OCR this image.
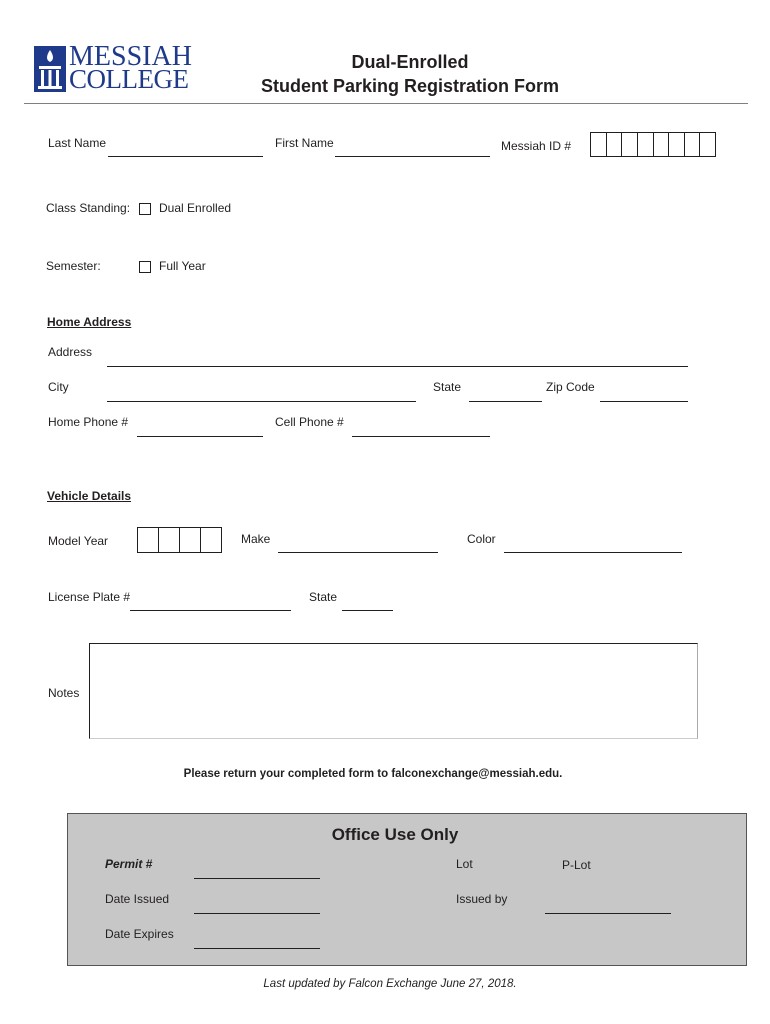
MESSIAH
COLLEGE
Dual-Enrolled
Student Parking Registration Form
Last Name	First Name	Messiah ID #
Class Standing: Dual Enrolled
Semester:	Full Year
Home Address
Address
City	State	Zip Code
Home Phone #	Cell Phone #
Vehicle Details
Model Year	Make	Color
License Plate #	State
Notes
Please return your completed form to falconexchange@messiah.edu.
Office Use Only
Permit #	Lot	P-Lot
Date Issued	Issued by
Date Expires
Last updated by Falcon Exchange June 27, 2018.
